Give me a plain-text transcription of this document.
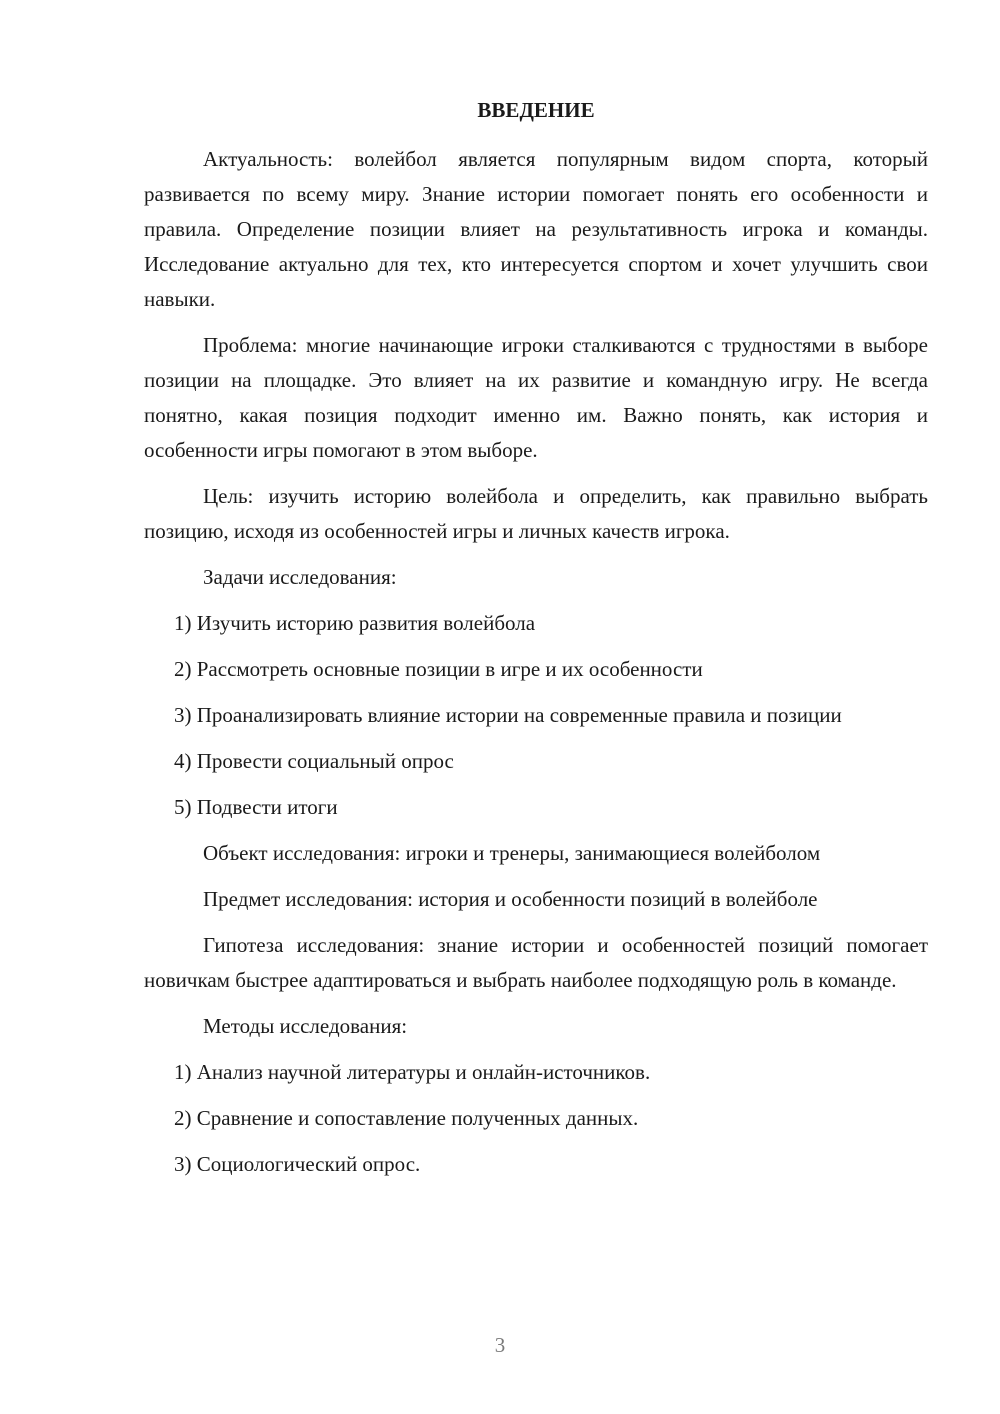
ВВЕДЕНИЕ

Актуальность: волейбол является популярным видом спорта, который развивается по всему миру. Знание истории помогает понять его особенности и правила. Определение позиции влияет на результативность игрока и команды. Исследование актуально для тех, кто интересуется спортом и хочет улучшить свои навыки.

Проблема: многие начинающие игроки сталкиваются с трудностями в выборе позиции на площадке. Это влияет на их развитие и командную игру. Не всегда понятно, какая позиция подходит именно им. Важно понять, как история и особенности игры помогают в этом выборе.

Цель: изучить историю волейбола и определить, как правильно выбрать позицию, исходя из особенностей игры и личных качеств игрока.

Задачи исследования:

1) Изучить историю развития волейбола

2) Рассмотреть основные позиции в игре и их особенности

3) Проанализировать влияние истории на современные правила и позиции

4) Провести социальный опрос

5) Подвести итоги

Объект исследования: игроки и тренеры, занимающиеся волейболом

Предмет исследования: история и особенности позиций в волейболе

Гипотеза исследования: знание истории и особенностей позиций помогает новичкам быстрее адаптироваться и выбрать наиболее подходящую роль в команде.

Методы исследования:

1) Анализ научной литературы и онлайн-источников.

2) Сравнение и сопоставление полученных данных.

3) Социологический опрос.

3
